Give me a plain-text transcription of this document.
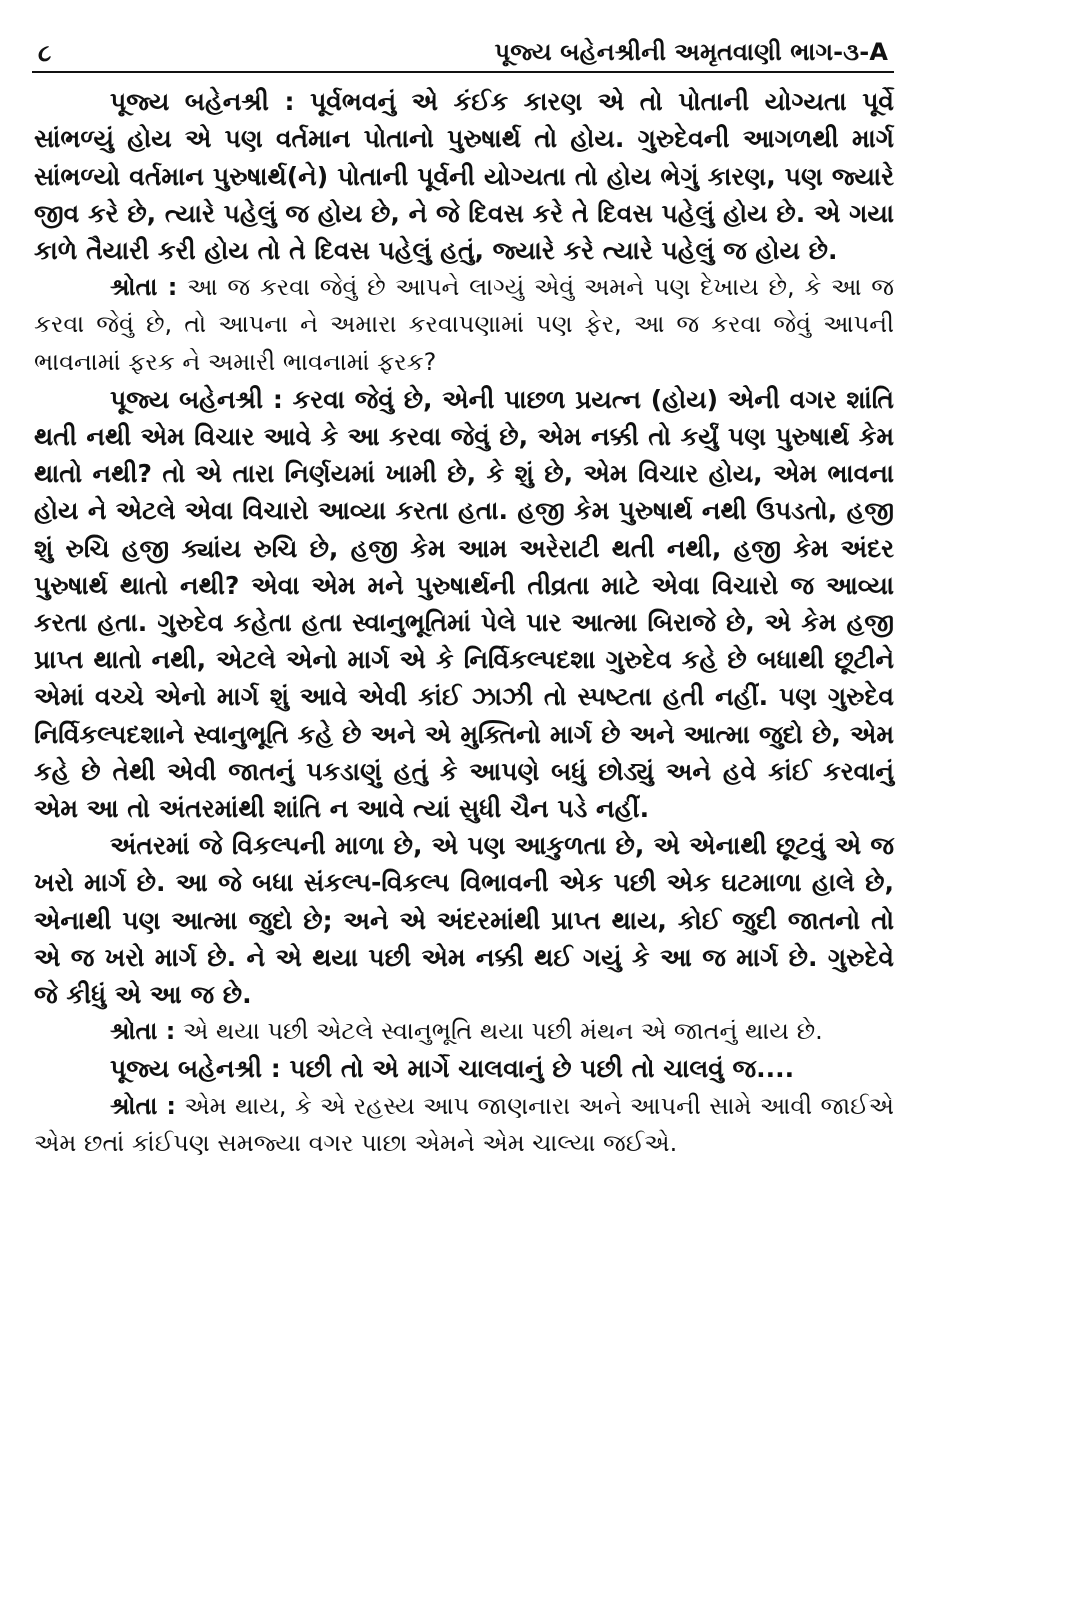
૮	પૂજ્ય બહેનશ્રીની અમૃતવાણી ભાગ-૩-A

પૂજ્ય બહેનશ્રી : પૂર્વભવનું એ કંઈક કારણ એ તો પોતાની યોગ્યતા પૂર્વે સાંભળ્યું હોય એ પણ વર્તમાન પોતાનો પુરુષાર્થ તો હોય. ગુરુદેવની આગળથી માર્ગ સાંભળ્યો વર્તમાન પુરુષાર્થ(ને) પોતાની પૂર્વની યોગ્યતા તો હોય ભેગું કારણ, પણ જ્યારે જીવ કરે છે, ત્યારે પહેલું જ હોય છે, ને જે દિવસ કરે તે દિવસ પહેલું હોય છે. એ ગયા કાળે તૈયારી કરી હોય તો તે દિવસ પહેલું હતું, જ્યારે કરે ત્યારે પહેલું જ હોય છે.

શ્રોતા : આ જ કરવા જેવું છે આપને લાગ્યું એવું અમને પણ દેખાય છે, કે આ જ કરવા જેવું છે, તો આપના ને અમારા કરવાપણામાં પણ ફેર, આ જ કરવા જેવું આપની ભાવનામાં ફરક ને અમારી ભાવનામાં ફરક?

પૂજ્ય બહેનશ્રી : કરવા જેવું છે, એની પાછળ પ્રયત્ન (હોય) એની વગર શાંતિ થતી નથી એમ વિચાર આવે કે આ કરવા જેવું છે, એમ નક્કી તો કર્યું પણ પુરુષાર્થ કેમ થાતો નથી? તો એ તારા નિર્ણયમાં ખામી છે, કે શું છે, એમ વિચાર હોય, એમ ભાવના હોય ને એટલે એવા વિચારો આવ્યા કરતા હતા. હજી કેમ પુરુષાર્થ નથી ઉપડતો, હજી શું રુચિ હજી ક્યાંય રુચિ છે, હજી કેમ આમ અરેરાટી થતી નથી, હજી કેમ અંદર પુરુષાર્થ થાતો નથી? એવા એમ મને પુરુષાર્થની તીવ્રતા માટે એવા વિચારો જ આવ્યા કરતા હતા. ગુરુદેવ કહેતા હતા સ્વાનુભૂતિમાં પેલે પાર આત્મા બિરાજે છે, એ કેમ હજી પ્રાપ્ત થાતો નથી, એટલે એનો માર્ગ એ કે નિર્વિકલ્પદશા ગુરુદેવ કહે છે બધાથી છૂટીને એમાં વચ્ચે એનો માર્ગ શું આવે એવી કાંઈ ઝાઝી તો સ્પષ્ટતા હતી નહીં. પણ ગુરુદેવ નિર્વિકલ્પદશાને સ્વાનુભૂતિ કહે છે અને એ મુક્તિનો માર્ગ છે અને આત્મા જુદો છે, એમ કહે છે તેથી એવી જાતનું પકડાણું હતું કે આપણે બધું છોડ્યું અને હવે કાંઈ કરવાનું એમ આ તો અંતરમાંથી શાંતિ ન આવે ત્યાં સુધી ચૈન પડે નહીં.

અંતરમાં જે વિકલ્પની માળા છે, એ પણ આકુળતા છે, એ એનાથી છૂટવું એ જ ખરો માર્ગ છે. આ જે બધા સંકલ્પ-વિકલ્પ વિભાવની એક પછી એક ઘટમાળા હાલે છે, એનાથી પણ આત્મા જુદો છે; અને એ અંદરમાંથી પ્રાપ્ત થાય, કોઈ જુદી જાતનો તો એ જ ખરો માર્ગ છે. ને એ થયા પછી એમ નક્કી થઈ ગયું કે આ જ માર્ગ છે. ગુરુદેવે જે કીધું એ આ જ છે.

શ્રોતા : એ થયા પછી એટલે સ્વાનુભૂતિ થયા પછી મંથન એ જાતનું થાય છે.

પૂજ્ય બહેનશ્રી : પછી તો એ માર્ગે ચાલવાનું છે પછી તો ચાલવું જ....

શ્રોતા : એમ થાય, કે એ રહસ્ય આપ જાણનારા અને આપની સામે આવી જાઈએ એમ છતાં કાંઈપણ સમજ્યા વગર પાછા એમને એમ ચાલ્યા જઈએ.
